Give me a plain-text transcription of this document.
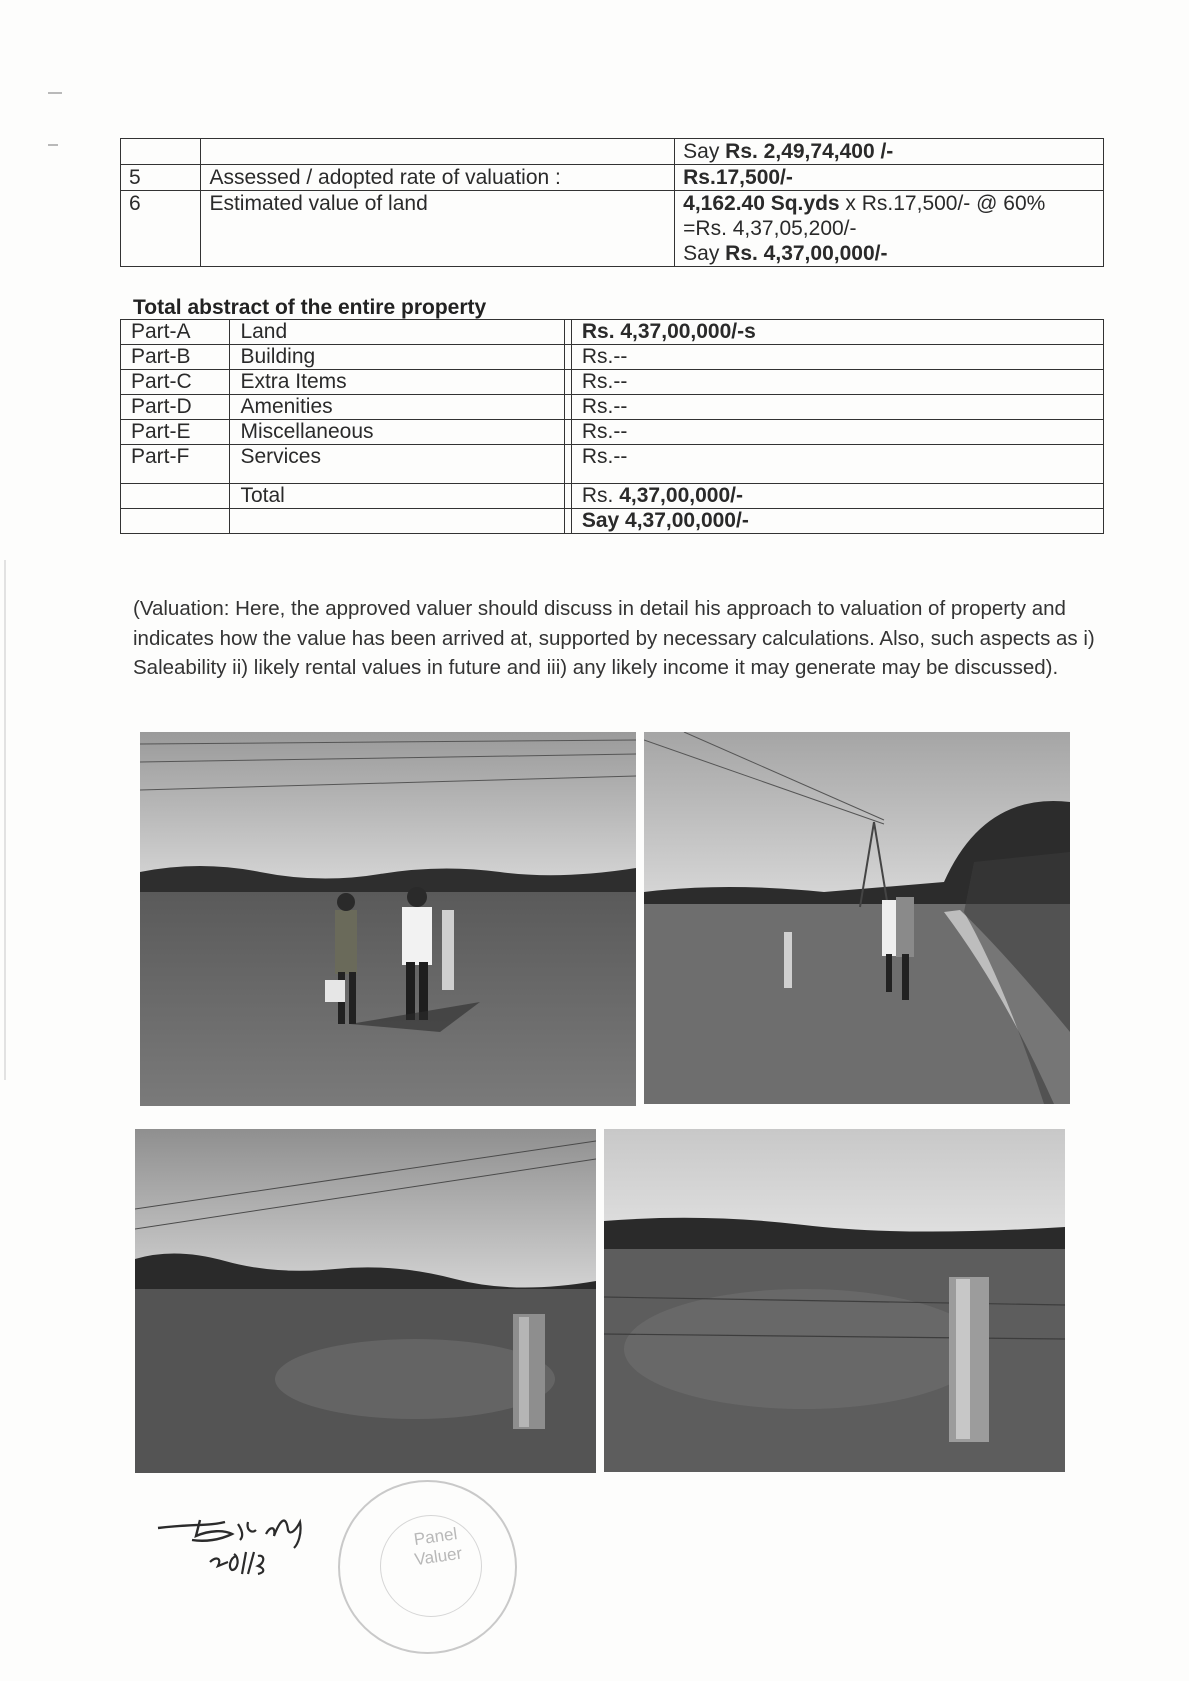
		Say Rs. 2,49,74,400 /-
5	Assessed / adopted rate of valuation :	Rs.17,500/-
6	Estimated value of land	4,162.40 Sq.yds x Rs.17,500/- @ 60%
=Rs. 4,37,05,200/-
Say Rs. 4,37,00,000/-
Total abstract of the entire property
Part-A	Land		Rs. 4,37,00,000/-s
Part-B	Building		Rs.--
Part-C	Extra Items		Rs.--
Part-D	Amenities		Rs.--
Part-E	Miscellaneous		Rs.--
Part-F	Services		Rs.--
	Total		Rs. 4,37,00,000/-
			Say 4,37,00,000/-
(Valuation: Here, the approved valuer should discuss in detail his approach to valuation of property and indicates how the value has been arrived at, supported by necessary calculations. Also, such aspects as i) Saleability ii) likely rental values in future and iii) any likely income it may generate may be discussed).
Panel Valuer
